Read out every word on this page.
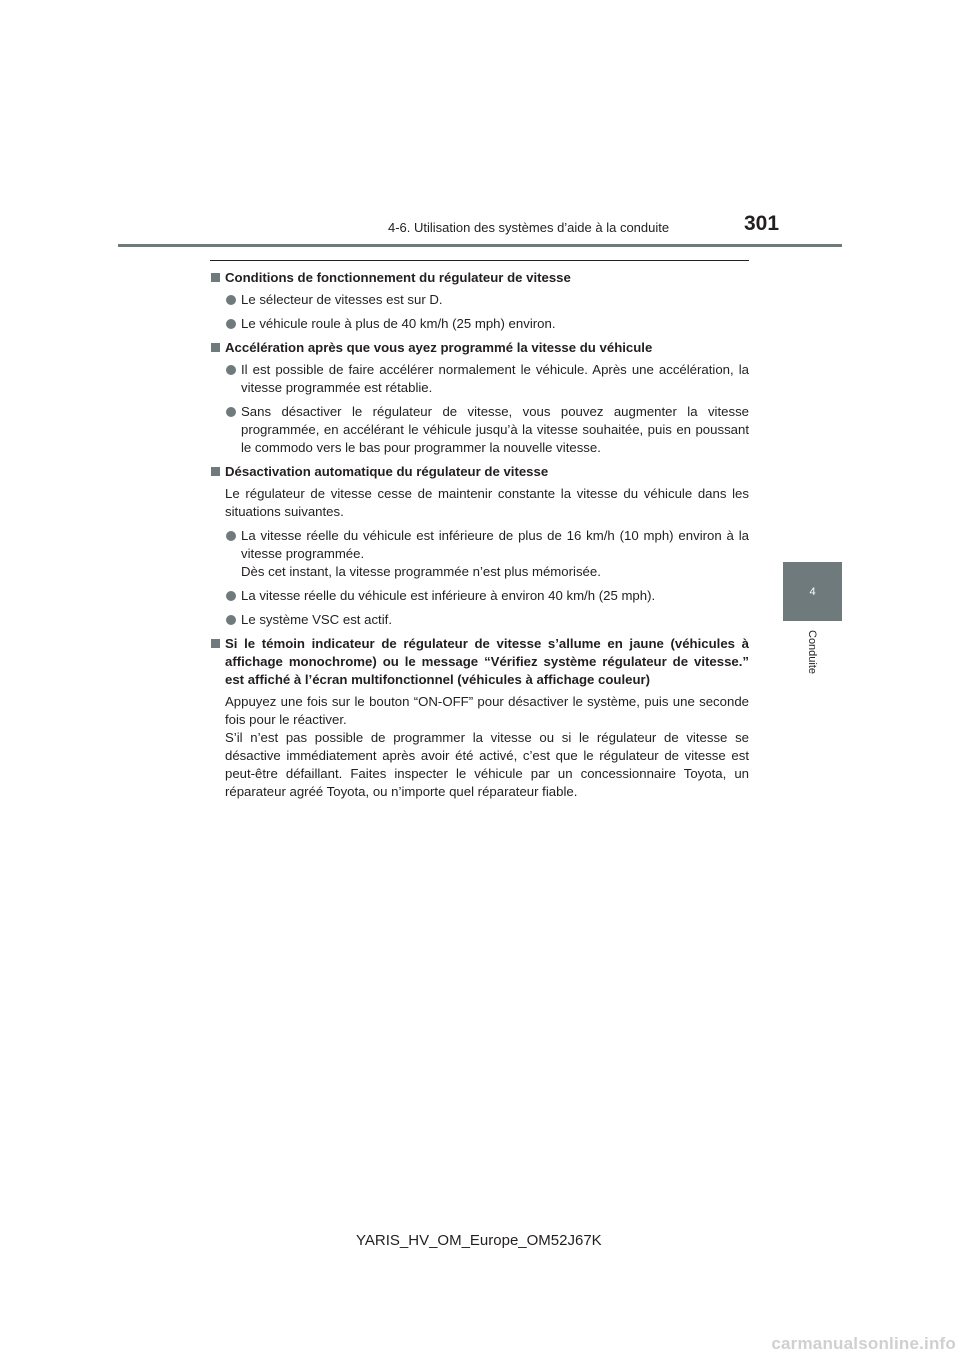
4-6. Utilisation des systèmes d’aide à la conduite	301
4
Conduite
Conditions de fonctionnement du régulateur de vitesse
Le sélecteur de vitesses est sur D.
Le véhicule roule à plus de 40 km/h (25 mph) environ.
Accélération après que vous ayez programmé la vitesse du véhicule
Il est possible de faire accélérer normalement le véhicule. Après une accélération, la vitesse programmée est rétablie.
Sans désactiver le régulateur de vitesse, vous pouvez augmenter la vitesse programmée, en accélérant le véhicule jusqu’à la vitesse souhaitée, puis en poussant le commodo vers le bas pour programmer la nouvelle vitesse.
Désactivation automatique du régulateur de vitesse
Le régulateur de vitesse cesse de maintenir constante la vitesse du véhicule dans les situations suivantes.
La vitesse réelle du véhicule est inférieure de plus de 16 km/h (10 mph) environ à la vitesse programmée.
Dès cet instant, la vitesse programmée n’est plus mémorisée.
La vitesse réelle du véhicule est inférieure à environ 40 km/h (25 mph).
Le système VSC est actif.
Si le témoin indicateur de régulateur de vitesse s’allume en jaune (véhicules à affichage monochrome) ou le message “Vérifiez système régulateur de vitesse.” est affiché à l’écran multifonctionnel (véhicules à affichage couleur)
Appuyez une fois sur le bouton “ON-OFF” pour désactiver le système, puis une seconde fois pour le réactiver.
S’il n’est pas possible de programmer la vitesse ou si le régulateur de vitesse se désactive immédiatement après avoir été activé, c’est que le régulateur de vitesse est peut-être défaillant. Faites inspecter le véhicule par un concessionnaire Toyota, un réparateur agréé Toyota, ou n’importe quel réparateur fiable.
YARIS_HV_OM_Europe_OM52J67K
carmanualsonline.info
